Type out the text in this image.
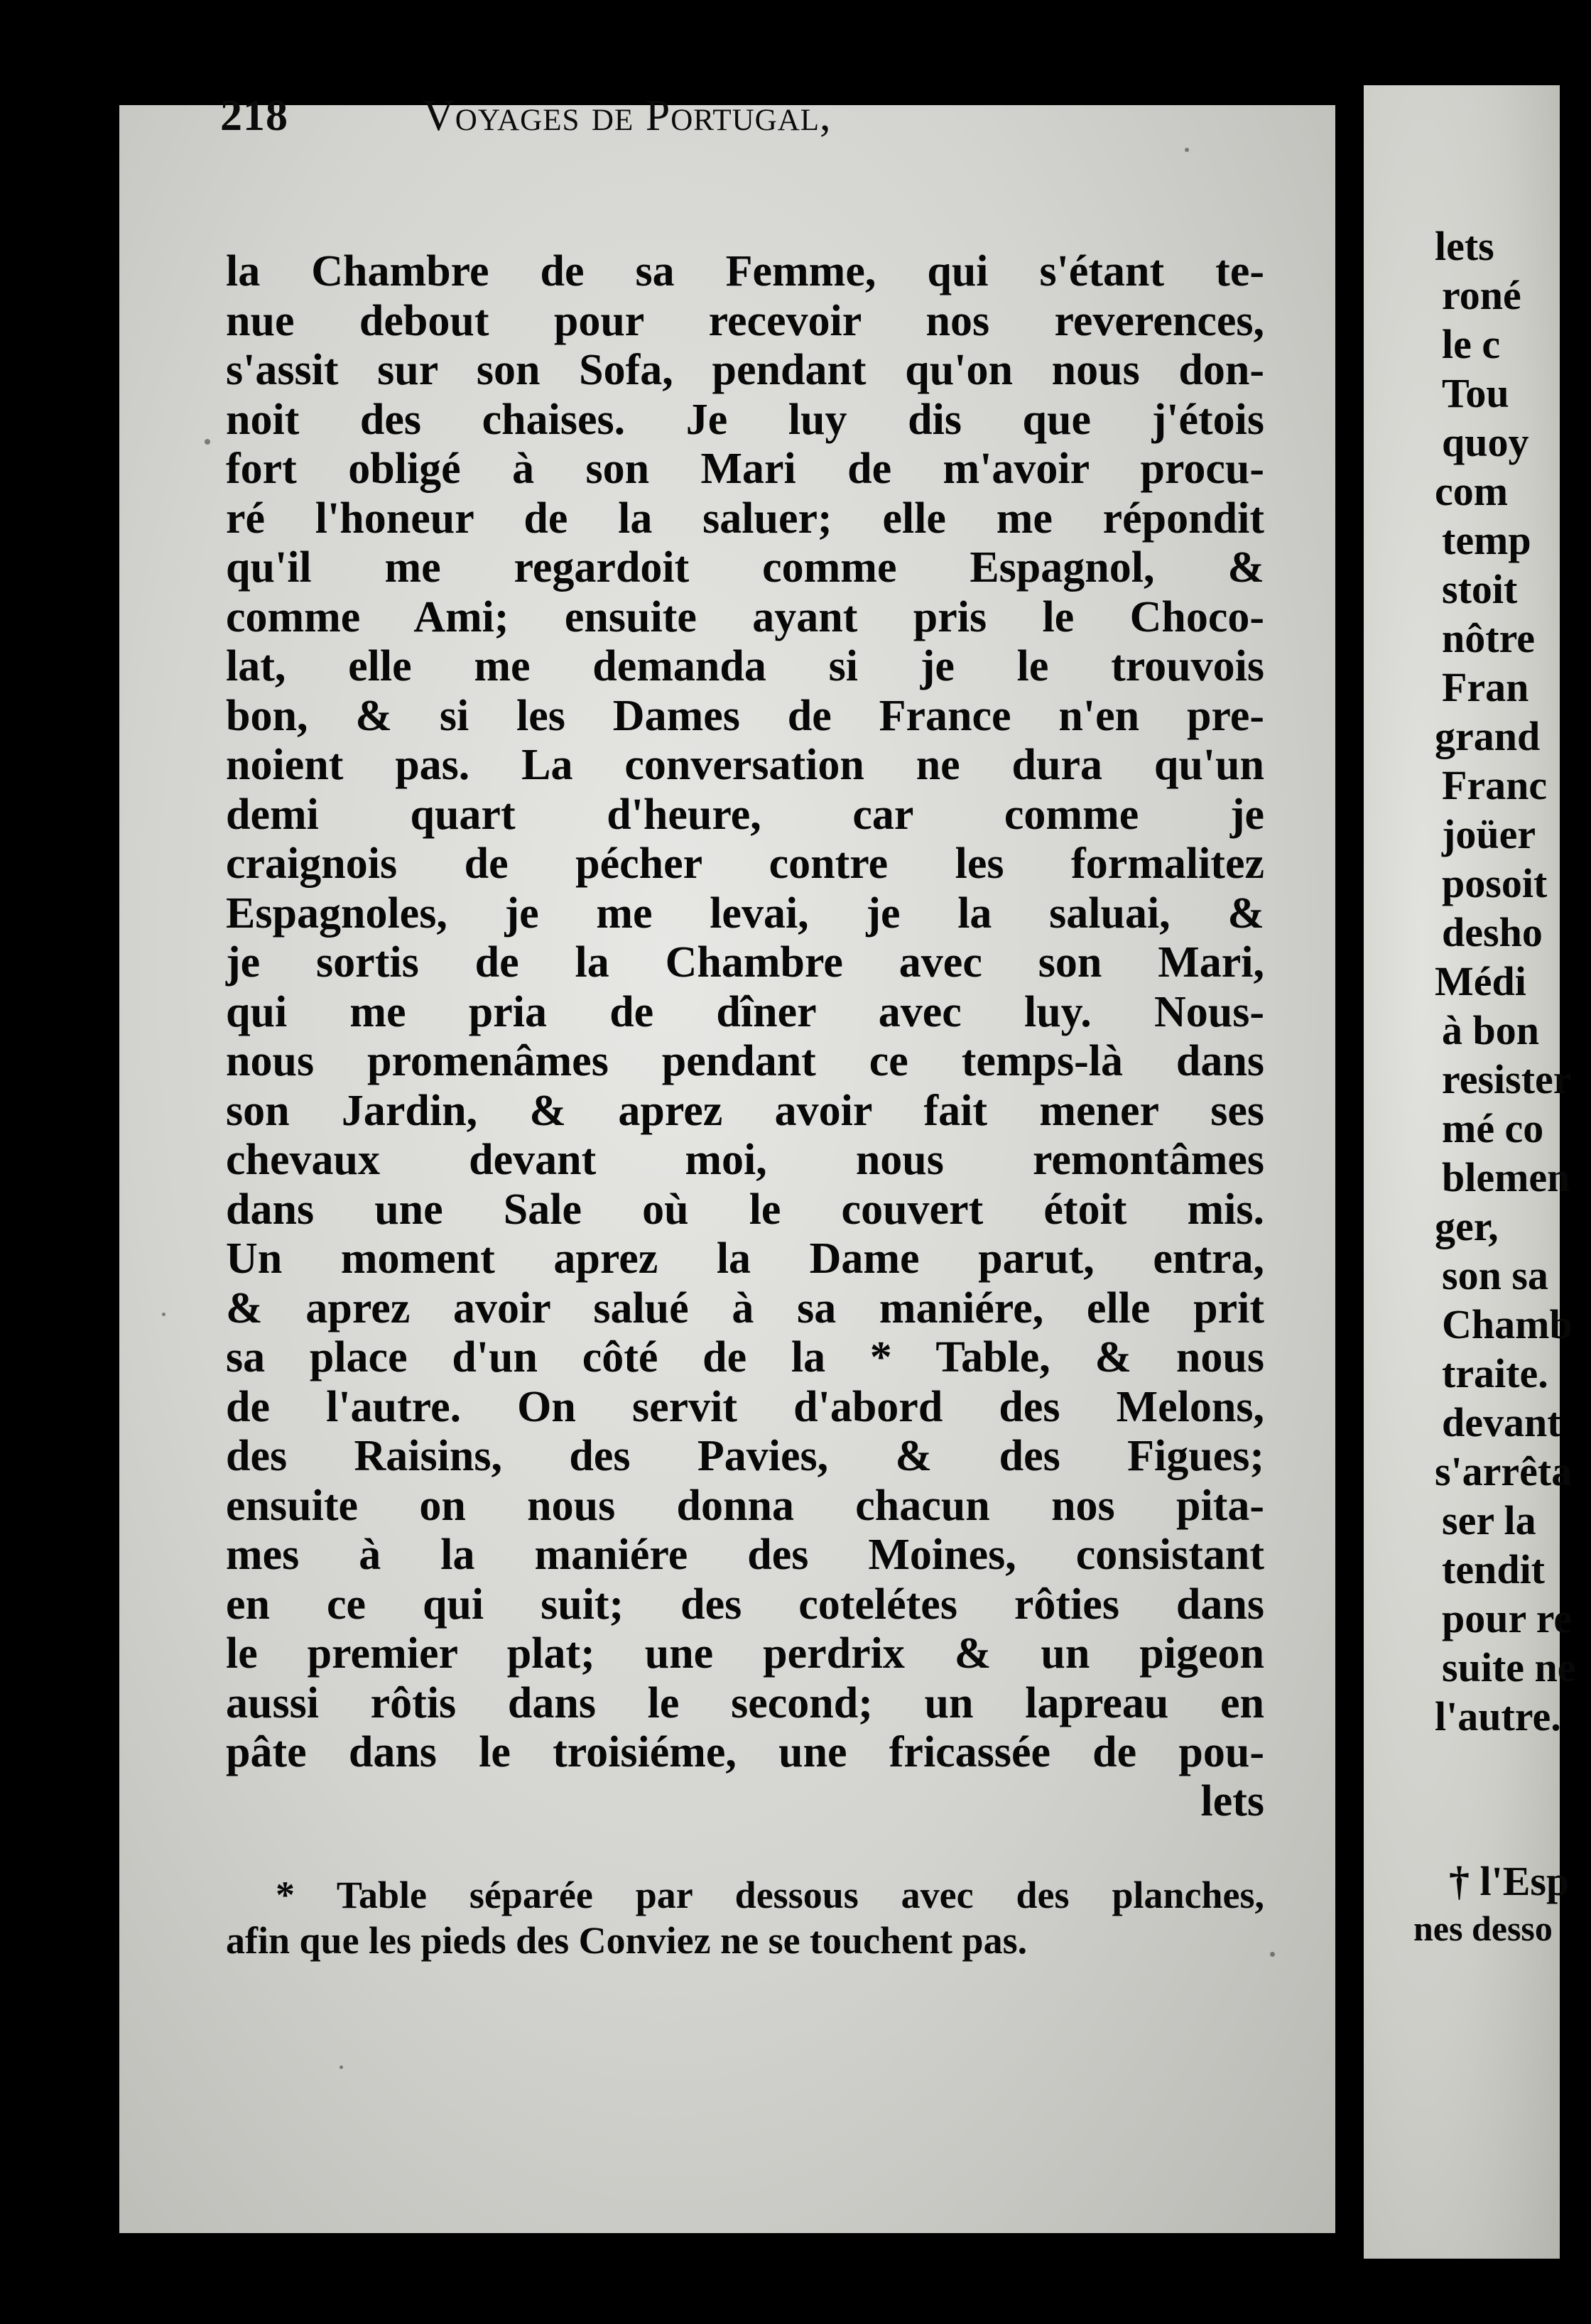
218	Voyages de Portugal,
la Chambre de sa Femme, qui s'étant te-
nue debout pour recevoir nos reverences,
s'assit sur son Sofa, pendant qu'on nous don-
noit des chaises. Je luy dis que j'étois
fort obligé à son Mari de m'avoir procu-
ré l'honeur de la saluer; elle me répondit
qu'il me regardoit comme Espagnol, &
comme Ami; ensuite ayant pris le Choco-
lat, elle me demanda si je le trouvois
bon, & si les Dames de France n'en pre-
noient pas. La conversation ne dura qu'un
demi quart d'heure, car comme je
craignois de pécher contre les formalitez
Espagnoles, je me levai, je la saluai, &
je sortis de la Chambre avec son Mari,
qui me pria de dîner avec luy. Nous-
nous promenâmes pendant ce temps-là dans
son Jardin, & aprez avoir fait mener ses
chevaux devant moi, nous remontâmes
dans une Sale où le couvert étoit mis.
Un moment aprez la Dame parut, entra,
& aprez avoir salué à sa maniére, elle prit
sa place d'un côté de la * Table, & nous
de l'autre. On servit d'abord des Melons,
des Raisins, des Pavies, & des Figues;
ensuite on nous donna chacun nos pita-
mes à la maniére des Moines, consistant
en ce qui suit; des cotelétes rôties dans
le premier plat; une perdrix & un pigeon
aussi rôtis dans le second; un lapreau en
pâte dans le troisiéme, une fricassée de pou-
lets
* Table séparée par dessous avec des planches,
afin que les pieds des Conviez ne se touchent pas.
lets
roné
le c
Tou
quoy
com
temp
stoit
nôtre
Fran
grand
Franc
joüer
posoit
desho
Médi
à bon
resister
mé co
blemen
ger,
son sa
Chamb
traite.
devant
s'arrêta
ser la
tendit
pour re
suite ne
l'autre.
† l'Esp
nes desso
